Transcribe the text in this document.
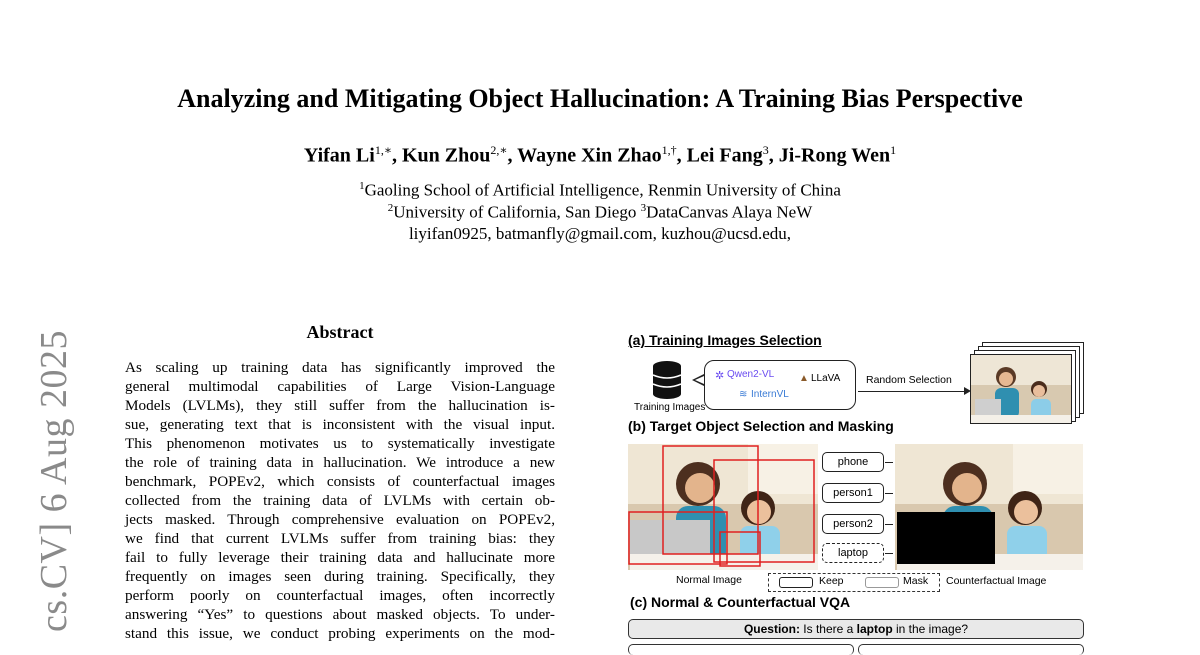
cs.CV] 6 Aug 2025
Analyzing and Mitigating Object Hallucination: A Training Bias Perspective
Yifan $Li^{1,∗}$, Kun Zhou$^{2,∗}$, Wayne Xin Zhao$^{1,\dagger}$, Lei Fang$^3$, Ji-Rong Wen$^1$
$^1$Gaoling School of Artificial Intelligence, Renmin University of China
$^2$University of California, San Diego $^3$DataCanvas Alaya NeW
liyifan0925, batmanfly@gmail.com, kuzhou@ucsd.edu,
Abstract
As scaling up training data has significantly improved the
general multimodal capabilities of Large Vision-Language
Models (LVLMs), they still suffer from the hallucination is-
sue, generating text that is inconsistent with the visual input.
This phenomenon motivates us to systematically investigate
the role of training data in hallucination. We introduce a new
benchmark, POPEv2, which consists of counterfactual images
collected from the training data of LVLMs with certain ob-
jects masked. Through comprehensive evaluation on POPEv2,
we find that current LVLMs suffer from training bias: they
fail to fully leverage their training data and hallucinate more
frequently on images seen during training. Specifically, they
perform poorly on counterfactual images, often incorrectly
answering “Yes” to questions about masked objects. To under-
stand this issue, we conduct probing experiments on the mod-
(a) Training Images Selection
Training Images
✲ Qwen2-VL ▲ LLaVA
≋ InternVL
Random Selection
(b) Target Object Selection and Masking
phone
person1
person2
laptop
Normal Image	Keep	Mask Counterfactual Image
(c) Normal & Counterfactual VQA
Question: Is there a laptop in the image?
